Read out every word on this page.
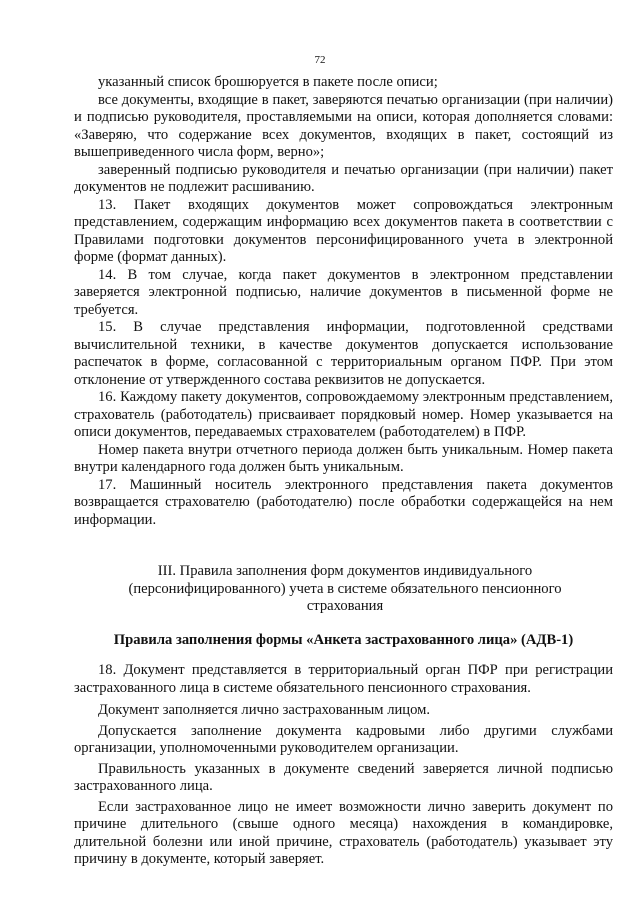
72

указанный список брошюруется в пакете после описи;

все документы, входящие в пакет, заверяются печатью организации (при наличии) и подписью руководителя, проставляемыми на описи, которая дополняется словами: «Заверяю, что содержание всех документов, входящих в пакет, состоящий из вышеприведенного числа форм, верно»;

заверенный подписью руководителя и печатью организации (при наличии) пакет документов не подлежит расшиванию.

13. Пакет входящих документов может сопровождаться электронным представлением, содержащим информацию всех документов пакета в соответствии с Правилами подготовки документов персонифицированного учета в электронной форме (формат данных).

14. В том случае, когда пакет документов в электронном представлении заверяется электронной подписью, наличие документов в письменной форме не требуется.

15. В случае представления информации, подготовленной средствами вычислительной техники, в качестве документов допускается использование распечаток в форме, согласованной с территориальным органом ПФР. При этом отклонение от утвержденного состава реквизитов не допускается.

16. Каждому пакету документов, сопровождаемому электронным представлением, страхователь (работодатель) присваивает порядковый номер. Номер указывается на описи документов, передаваемых страхователем (работодателем) в ПФР.

Номер пакета внутри отчетного периода должен быть уникальным. Номер пакета внутри календарного года должен быть уникальным.

17. Машинный носитель электронного представления пакета документов возвращается страхователю (работодателю) после обработки содержащейся на нем информации.

III. Правила заполнения форм документов индивидуального (персонифицированного) учета в системе обязательного пенсионного страхования
Правила заполнения формы «Анкета застрахованного лица» (АДВ-1)

18. Документ представляется в территориальный орган ПФР при регистрации застрахованного лица в системе обязательного пенсионного страхования.

Документ заполняется лично застрахованным лицом.

Допускается заполнение документа кадровыми либо другими службами организации, уполномоченными руководителем организации.

Правильность указанных в документе сведений заверяется личной подписью застрахованного лица.

Если застрахованное лицо не имеет возможности лично заверить документ по причине длительного (свыше одного месяца) нахождения в командировке, длительной болезни или иной причине, страхователь (работодатель) указывает эту причину в документе, который заверяет.
